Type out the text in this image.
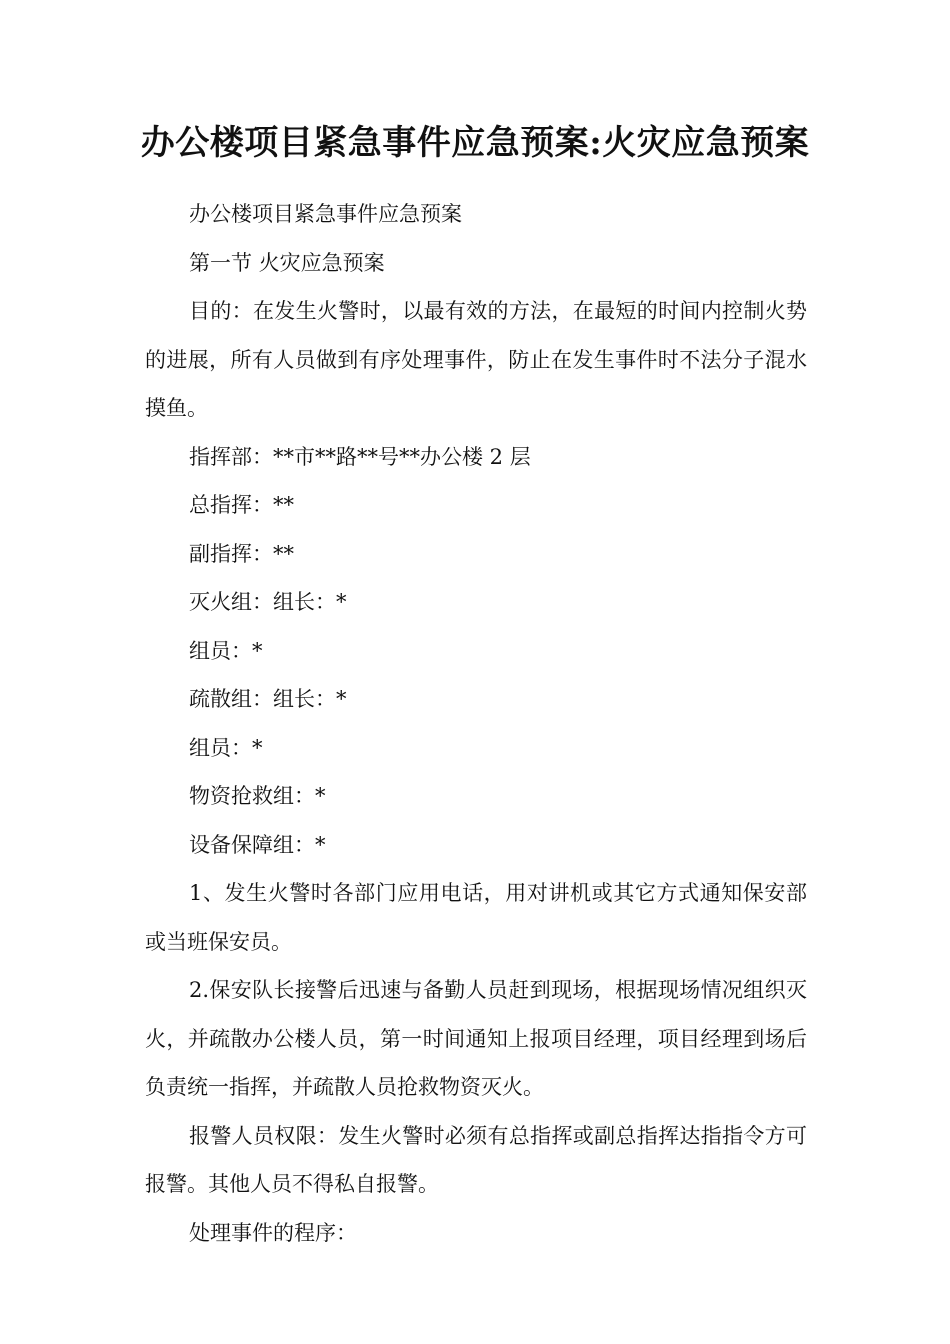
办公楼项目紧急事件应急预案:火灾应急预案

办公楼项目紧急事件应急预案

第一节 火灾应急预案

目的：在发生火警时，以最有效的方法，在最短的时间内控制火势的进展，所有人员做到有序处理事件，防止在发生事件时不法分子混水摸鱼。

指挥部：**市**路**号**办公楼 2 层

总指挥：**

副指挥：**

灭火组：组长：*

组员：*

疏散组：组长：*

组员：*

物资抢救组：*

设备保障组：*

1、发生火警时各部门应用电话，用对讲机或其它方式通知保安部或当班保安员。

2.保安队长接警后迅速与备勤人员赶到现场，根据现场情况组织灭火，并疏散办公楼人员，第一时间通知上报项目经理，项目经理到场后负责统一指挥，并疏散人员抢救物资灭火。

报警人员权限：发生火警时必须有总指挥或副总指挥达指指令方可报警。其他人员不得私自报警。

处理事件的程序：
